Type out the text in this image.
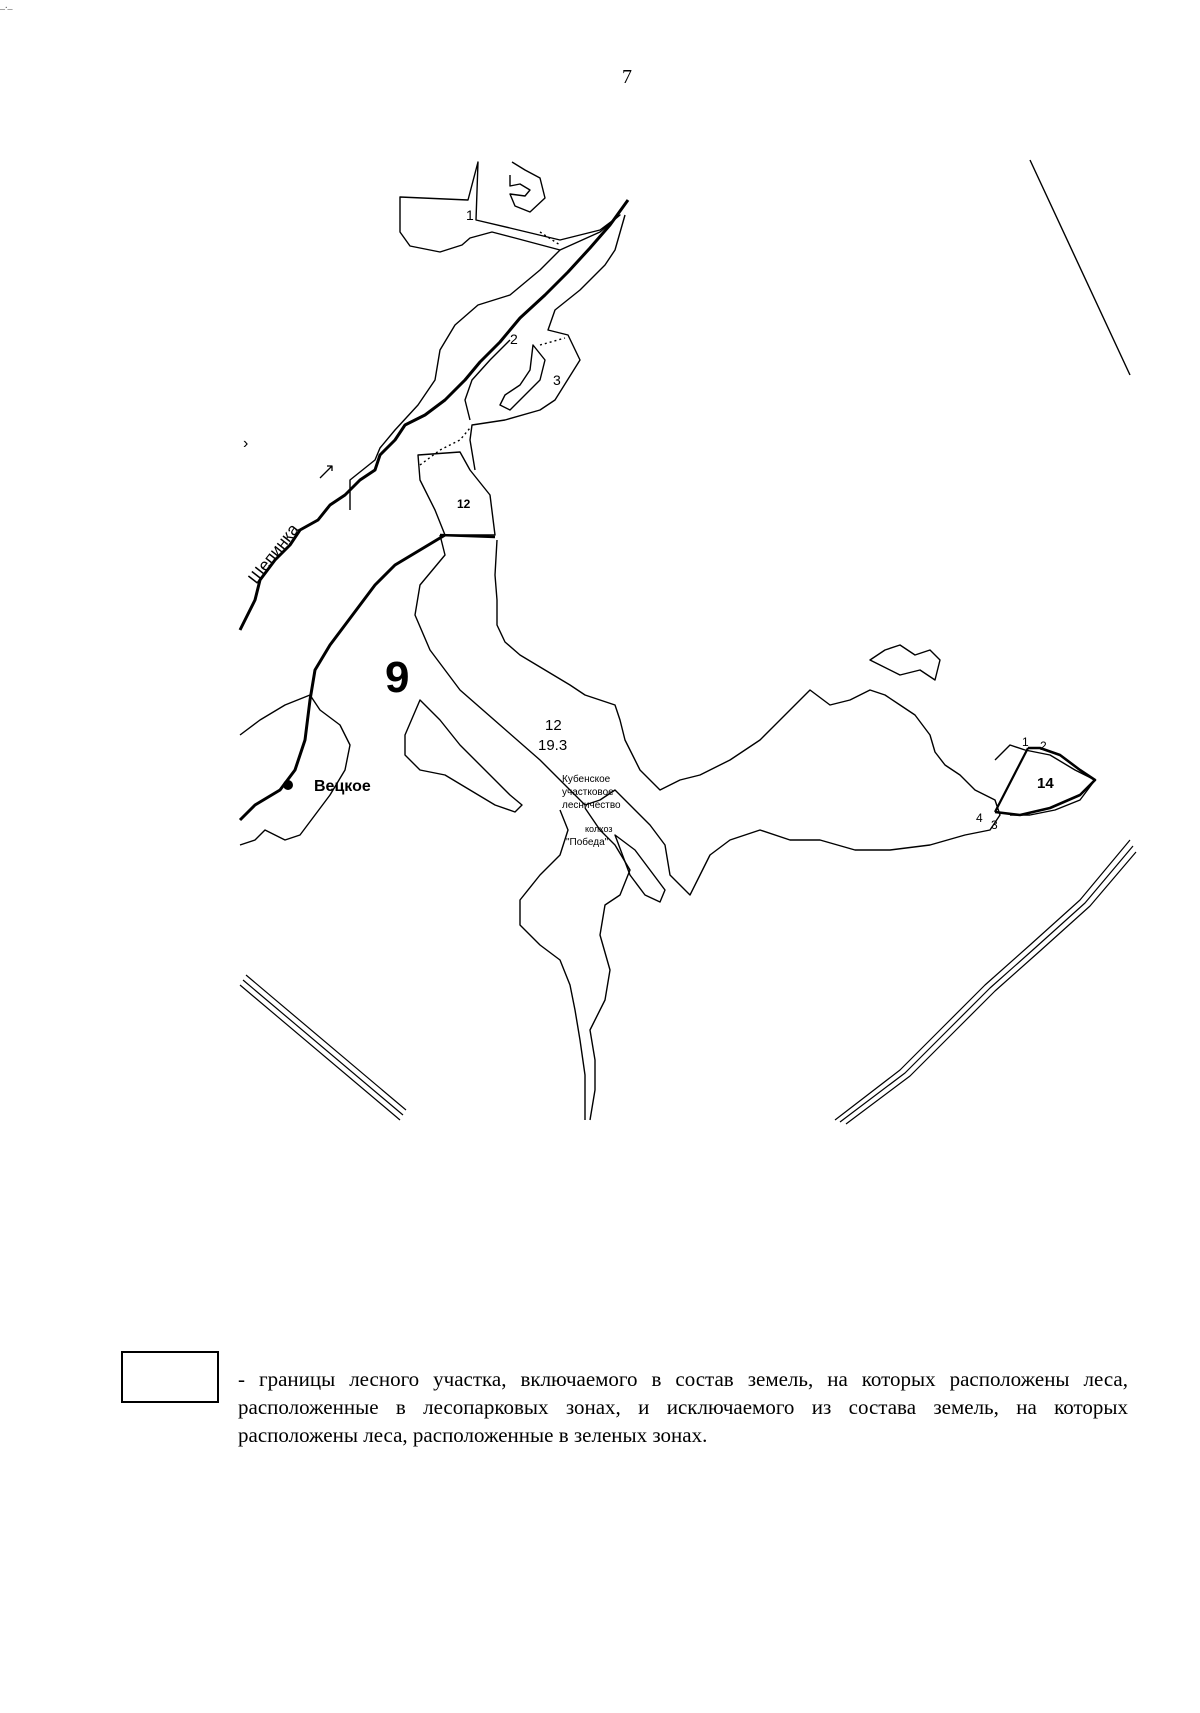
_._
7
1
2
3
12
9
12
19.3
Кубенское
участковое
лесничество
колхоз
"Победа"
Вецкое
Шепинка
14
1 2
3
4
›
- границы лесного участка, включаемого в состав земель, на которых расположены леса, расположенные в лесопарковых зонах, и исключаемого из состава земель, на которых расположены леса, расположенные в зеленых зонах.
